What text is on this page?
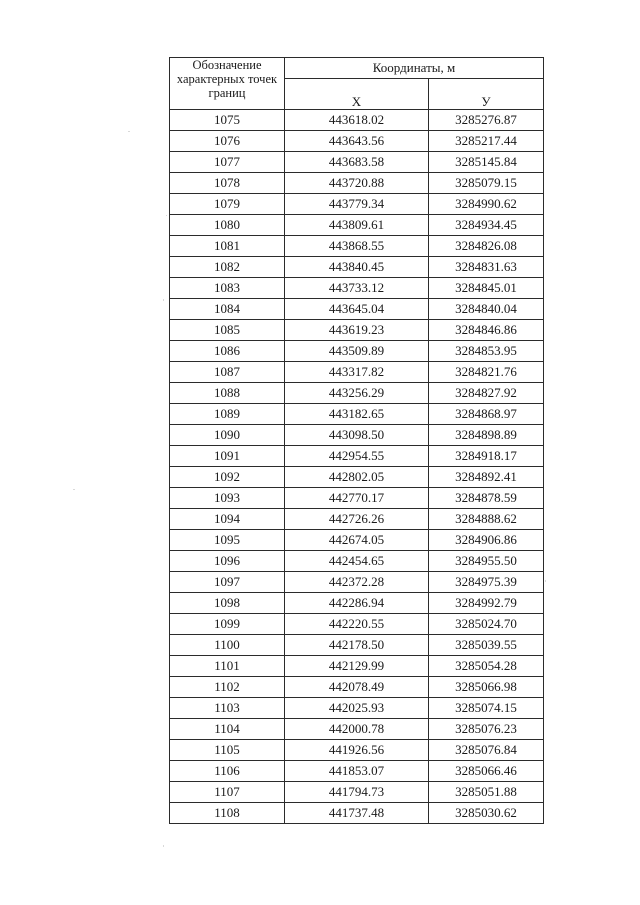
Обозначение характерных точек границ	Координаты, м	
	X	У
1075	443618.02	3285276.87
1076	443643.56	3285217.44
1077	443683.58	3285145.84
1078	443720.88	3285079.15
1079	443779.34	3284990.62
1080	443809.61	3284934.45
1081	443868.55	3284826.08
1082	443840.45	3284831.63
1083	443733.12	3284845.01
1084	443645.04	3284840.04
1085	443619.23	3284846.86
1086	443509.89	3284853.95
1087	443317.82	3284821.76
1088	443256.29	3284827.92
1089	443182.65	3284868.97
1090	443098.50	3284898.89
1091	442954.55	3284918.17
1092	442802.05	3284892.41
1093	442770.17	3284878.59
1094	442726.26	3284888.62
1095	442674.05	3284906.86
1096	442454.65	3284955.50
1097	442372.28	3284975.39
1098	442286.94	3284992.79
1099	442220.55	3285024.70
1100	442178.50	3285039.55
1101	442129.99	3285054.28
1102	442078.49	3285066.98
1103	442025.93	3285074.15
1104	442000.78	3285076.23
1105	441926.56	3285076.84
1106	441853.07	3285066.46
1107	441794.73	3285051.88
1108	441737.48	3285030.62
